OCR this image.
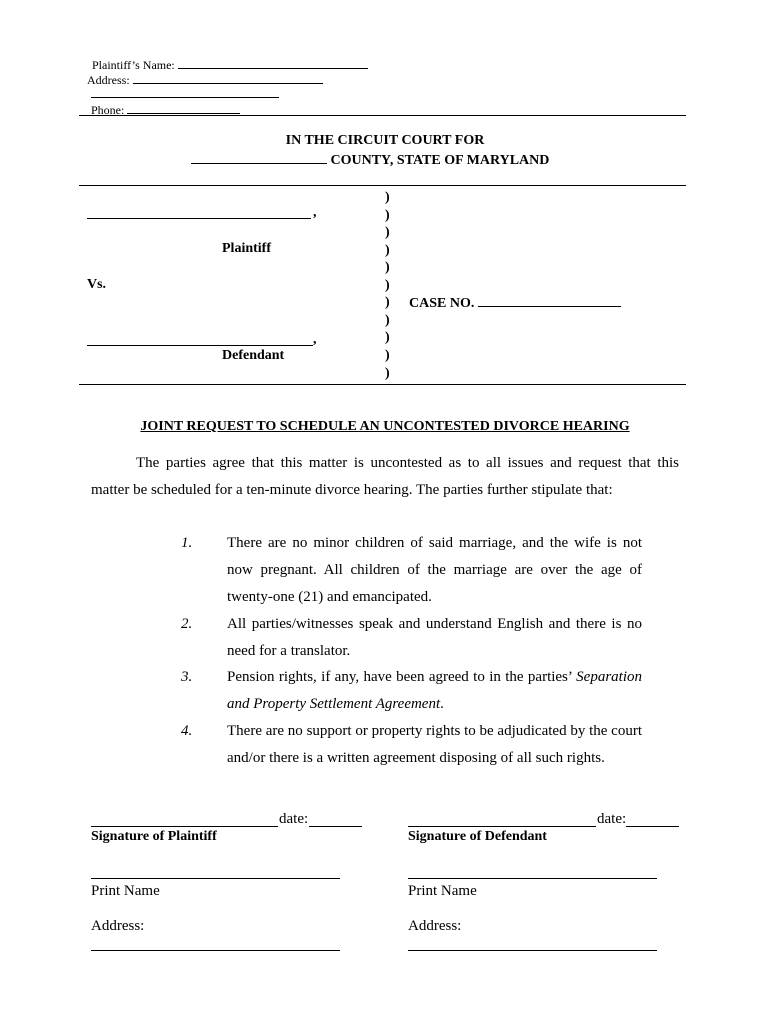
Plaintiff’s Name:
Address:
Phone:
IN THE CIRCUIT COURT FOR
COUNTY, STATE OF MARYLAND
,
Plaintiff
Vs.
,
Defendant
)
)
)
)
)
)
)
)
)
)
)
CASE NO.
JOINT REQUEST TO SCHEDULE AN UNCONTESTED DIVORCE HEARING
The parties agree that this matter is uncontested as to all issues and request that this
matter be scheduled for a ten-minute divorce hearing. The parties further stipulate that:
1. There are no minor children of said marriage, and the wife is not now pregnant. All children of the marriage are over the age of twenty-one (21) and emancipated.
2. All parties/witnesses speak and understand English and there is no need for a translator.
3. Pension rights, if any, have been agreed to in the parties’ Separation and Property Settlement Agreement.
4. There are no support or property rights to be adjudicated by the court and/or there is a written agreement disposing of all such rights.
date:
Signature of Plaintiff
Print Name
Address:
date:
Signature of Defendant
Print Name
Address:
